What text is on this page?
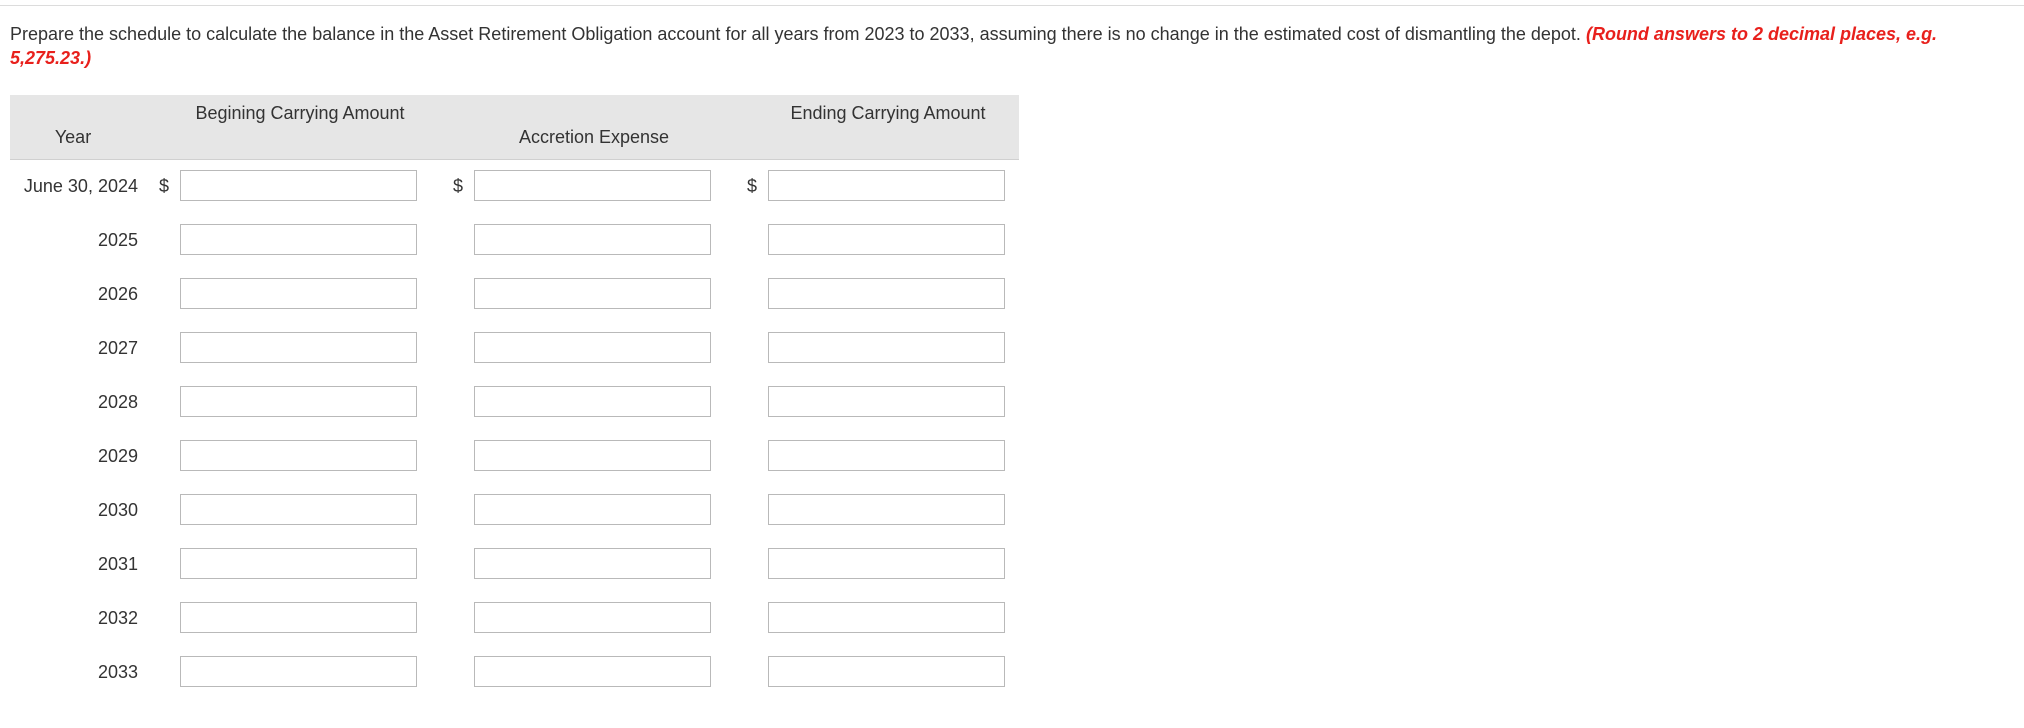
Prepare the schedule to calculate the balance in the Asset Retirement Obligation account for all years from 2023 to 2033, assuming there is no change in the estimated cost of dismantling the depot. (Round answers to 2 decimal places, e.g. 5,275.23.)
Year
Begining Carrying Amount
Accretion Expense
Ending Carrying Amount
June 30, 2024 $	$	$
2025
2026
2027
2028
2029
2030
2031
2032
2033
